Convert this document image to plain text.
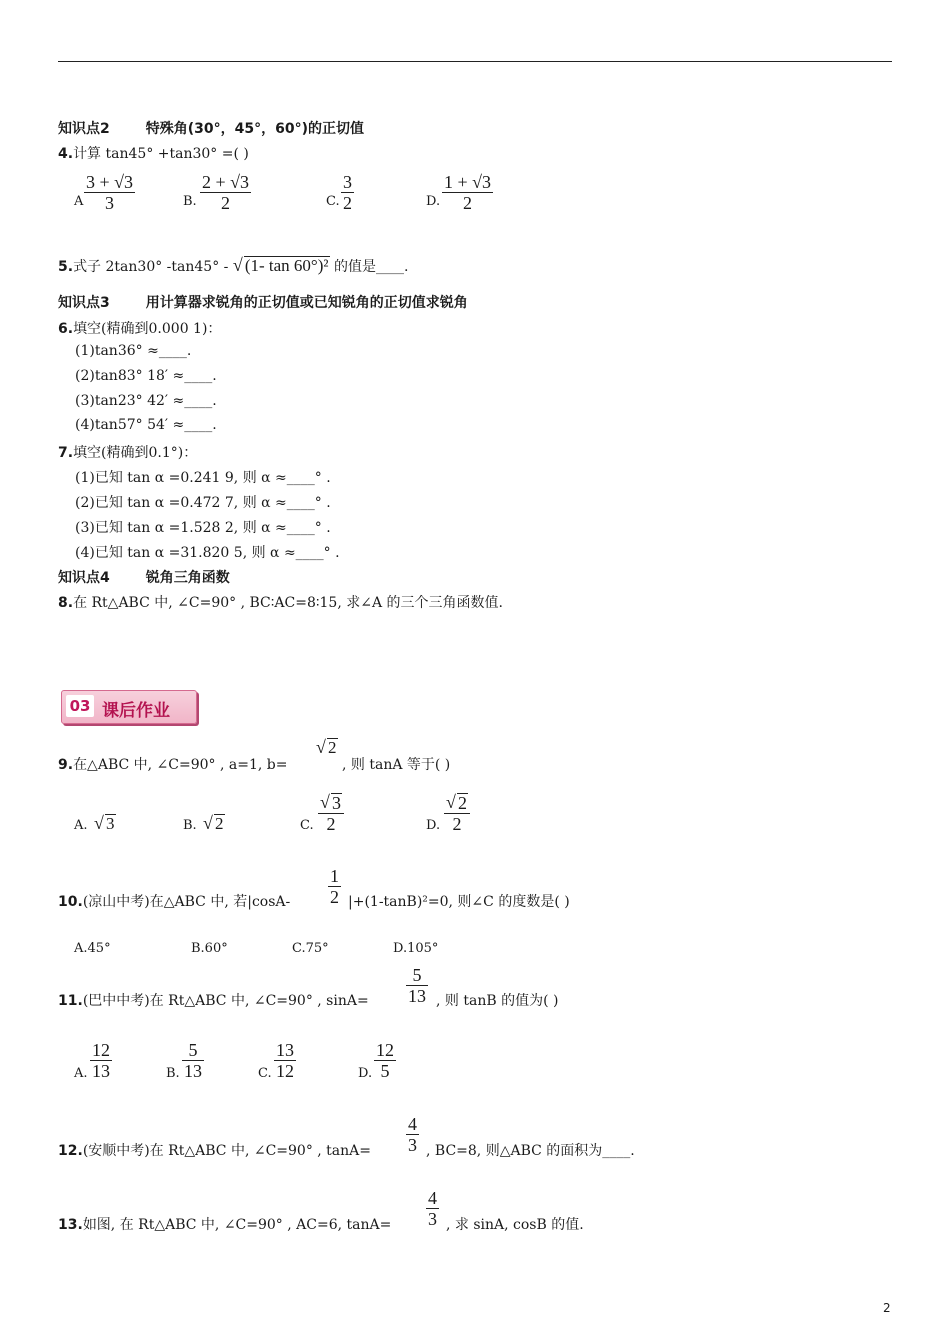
知识点2	特殊角(30°，45°，60°)的正切值
4.计算 tan45° +tan30° =( )
A $\frac{3 + √3}{3}$	B. $\frac{2 + √3}{2}$	C. $\frac{3}{2}$	D. $\frac{1 + √3}{2}$
5.式子 2tan30° -tan45° - √ (1- tan 60°)² 的值是____.
知识点3	用计算器求锐角的正切值或已知锐角的正切值求锐角
6.填空(精确到0.000 1)：
(1)tan36° ≈____.
(2)tan83° 18′ ≈____.
(3)tan23° 42′ ≈____.
(4)tan57° 54′ ≈____.
7.填空(精确到0.1°)：
(1)已知 tan α =0.241 9, 则 α ≈____° .
(2)已知 tan α =0.472 7, 则 α ≈____° .
(3)已知 tan α =1.528 2, 则 α ≈____° .
(4)已知 tan α =31.820 5, 则 α ≈____° .
知识点4	锐角三角函数
8.在 Rt△ABC 中, ∠C=90° , BC∶AC=8∶15, 求∠A 的三个三角函数值.
03 课后作业
9.在△ABC 中, ∠C=90° , a=1, b=
√ 2
, 则 tanA 等于( )
A. √ 3	B. √ 2	C. $\frac{√ 3}{2}$	D. $\frac{√ 2}{2}$
10.(凉山中考)在△ABC 中, 若$|\cos A- \frac{1}{2} |+(1-\tan B)^2=0$, 则∠C 的度数是( )
A.45°	B.60°	C.75°	D.105°
11.(巴中中考)在 Rt△ABC 中, ∠C=90° , $\sin A= \frac{5}{13}$ , 则 tanB 的值为( )
A. $\frac{12}{13}$	B. $\frac{5}{13}$	C. $\frac{13}{12}$	D. $\frac{12}{5}$
12.(安顺中考)在 Rt△ABC 中, ∠C=90° , $\tan A= \frac{4}{3}$ , BC=8, 则△ABC 的面积为____.
13.如图, 在 Rt△ABC 中, ∠C=90° , AC=6, $\tan A= \frac{4}{3}$ , 求 sinA, cosB 的值.
2
